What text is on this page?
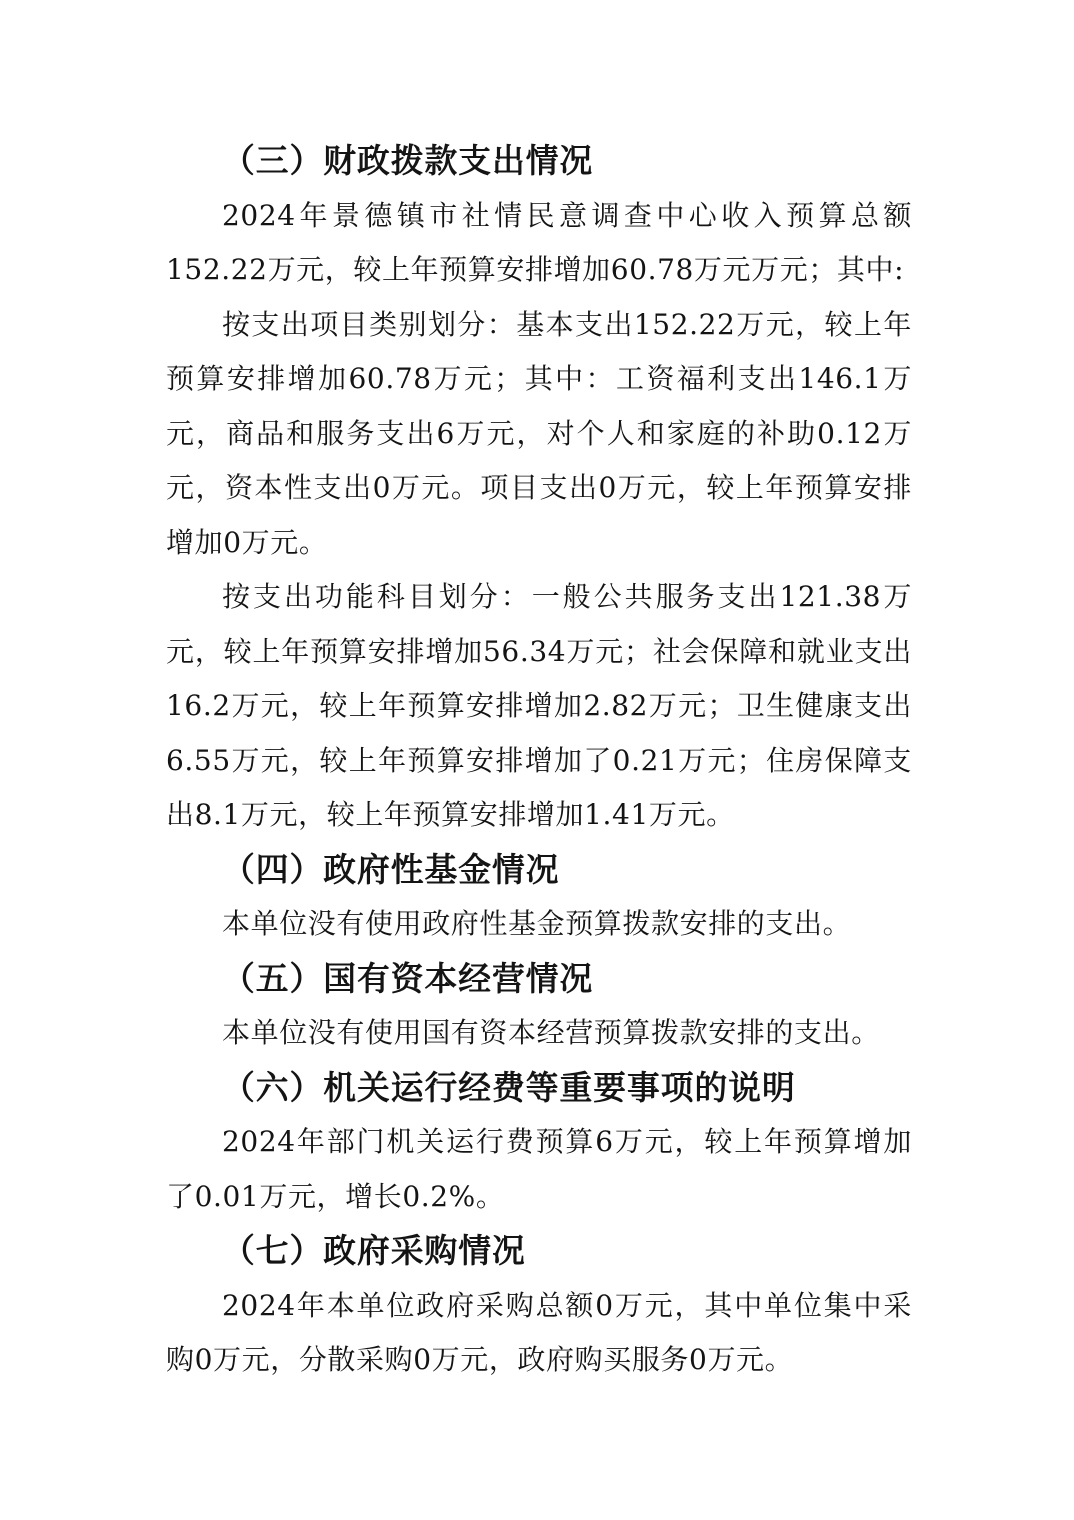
（三）财政拨款支出情况

2024年景德镇市社情民意调查中心收入预算总额152.22万元，较上年预算安排增加60.78万元万元；其中:

按支出项目类别划分：基本支出152.22万元，较上年预算安排增加60.78万元；其中：工资福利支出146.1万元，商品和服务支出6万元，对个人和家庭的补助0.12万元，资本性支出0万元。项目支出0万元，较上年预算安排增加0万元。

按支出功能科目划分：一般公共服务支出121.38万元，较上年预算安排增加56.34万元；社会保障和就业支出16.2万元，较上年预算安排增加2.82万元；卫生健康支出6.55万元，较上年预算安排增加了0.21万元；住房保障支出8.1万元，较上年预算安排增加1.41万元。

（四）政府性基金情况

本单位没有使用政府性基金预算拨款安排的支出。

（五）国有资本经营情况

本单位没有使用国有资本经营预算拨款安排的支出。

（六）机关运行经费等重要事项的说明

2024年部门机关运行费预算6万元，较上年预算增加了0.01万元，增长0.2%。

（七）政府采购情况

2024年本单位政府采购总额0万元，其中单位集中采购0万元，分散采购0万元，政府购买服务0万元。
